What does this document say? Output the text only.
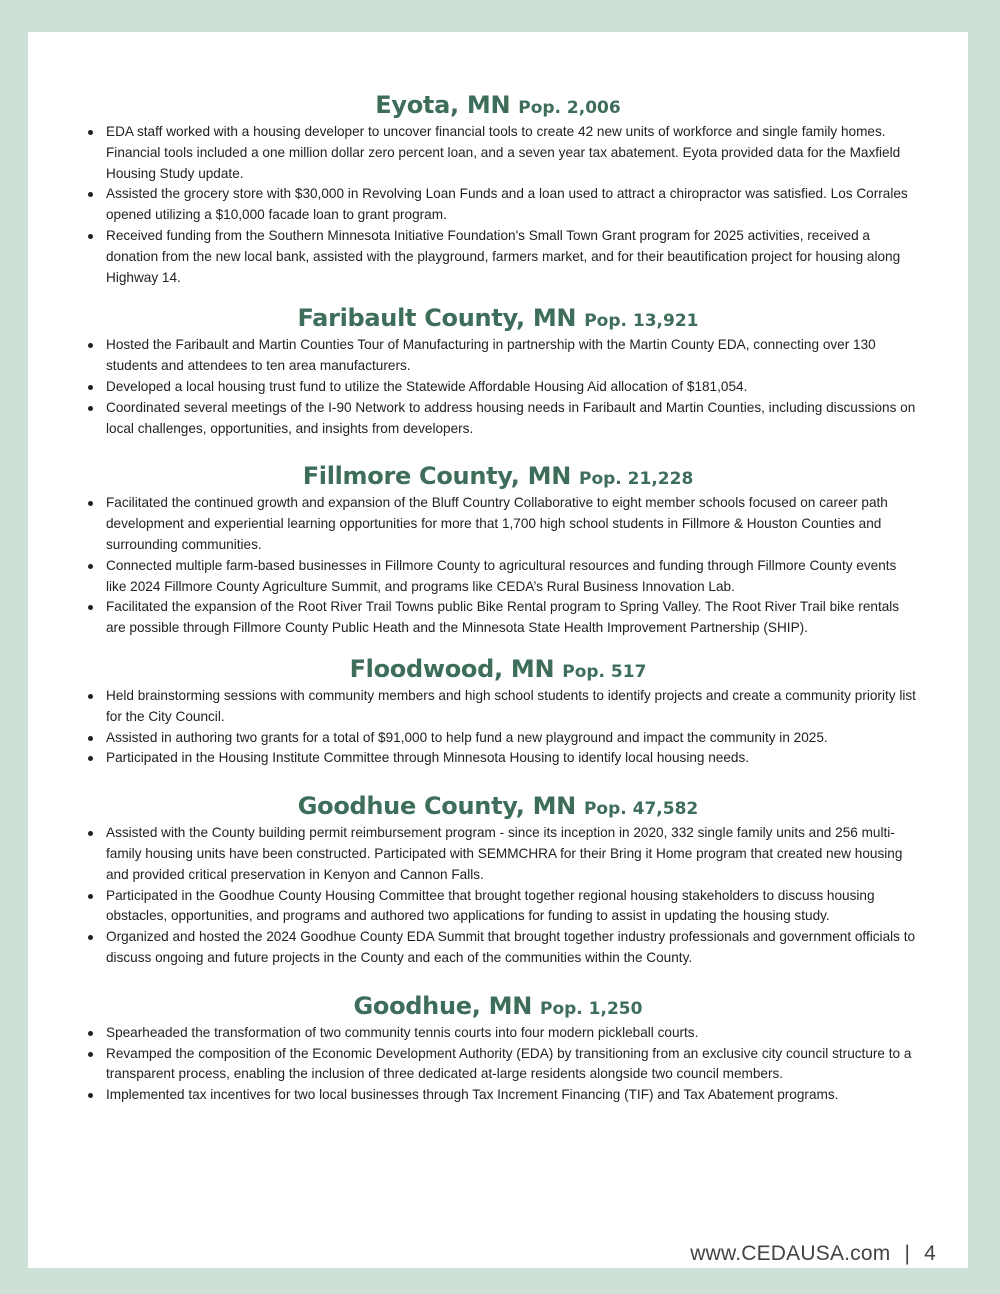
Eyota, MN Pop. 2,006
EDA staff worked with a housing developer to uncover financial tools to create 42 new units of workforce and single family homes. Financial tools included a one million dollar zero percent loan, and a seven year tax abatement. Eyota provided data for the Maxfield Housing Study update.
Assisted the grocery store with $30,000 in Revolving Loan Funds and a loan used to attract a chiropractor was satisfied. Los Corrales opened utilizing a $10,000 facade loan to grant program.
Received funding from the Southern Minnesota Initiative Foundation's Small Town Grant program for 2025 activities, received a donation from the new local bank, assisted with the playground, farmers market, and for their beautification project for housing along Highway 14.
Faribault County, MN Pop. 13,921
Hosted the Faribault and Martin Counties Tour of Manufacturing in partnership with the Martin County EDA, connecting over 130 students and attendees to ten area manufacturers.
Developed a local housing trust fund to utilize the Statewide Affordable Housing Aid allocation of $181,054.
Coordinated several meetings of the I-90 Network to address housing needs in Faribault and Martin Counties, including discussions on local challenges, opportunities, and insights from developers.
Fillmore County, MN Pop. 21,228
Facilitated the continued growth and expansion of the Bluff Country Collaborative to eight member schools focused on career path development and experiential learning opportunities for more that 1,700 high school students in Fillmore & Houston Counties and surrounding communities.
Connected multiple farm-based businesses in Fillmore County to agricultural resources and funding through Fillmore County events like 2024 Fillmore County Agriculture Summit, and programs like CEDA’s Rural Business Innovation Lab.
Facilitated the expansion of the Root River Trail Towns public Bike Rental program to Spring Valley. The Root River Trail bike rentals are possible through Fillmore County Public Heath and the Minnesota State Health Improvement Partnership (SHIP).
Floodwood, MN Pop. 517
Held brainstorming sessions with community members and high school students to identify projects and create a community priority list for the City Council.
Assisted in authoring two grants for a total of $91,000 to help fund a new playground and impact the community in 2025.
Participated in the Housing Institute Committee through Minnesota Housing to identify local housing needs.
Goodhue County, MN Pop. 47,582
Assisted with the County building permit reimbursement program - since its inception in 2020, 332 single family units and 256 multi-family housing units have been constructed. Participated with SEMMCHRA for their Bring it Home program that created new housing and provided critical preservation in Kenyon and Cannon Falls.
Participated in the Goodhue County Housing Committee that brought together regional housing stakeholders to discuss housing obstacles, opportunities, and programs and authored two applications for funding to assist in updating the housing study.
Organized and hosted the 2024 Goodhue County EDA Summit that brought together industry professionals and government officials to discuss ongoing and future projects in the County and each of the communities within the County.
Goodhue, MN Pop. 1,250
Spearheaded the transformation of two community tennis courts into four modern pickleball courts.
Revamped the composition of the Economic Development Authority (EDA) by transitioning from an exclusive city council structure to a transparent process, enabling the inclusion of three dedicated at-large residents alongside two council members.
Implemented tax incentives for two local businesses through Tax Increment Financing (TIF) and Tax Abatement programs.
www.CEDAUSA.com | 4
